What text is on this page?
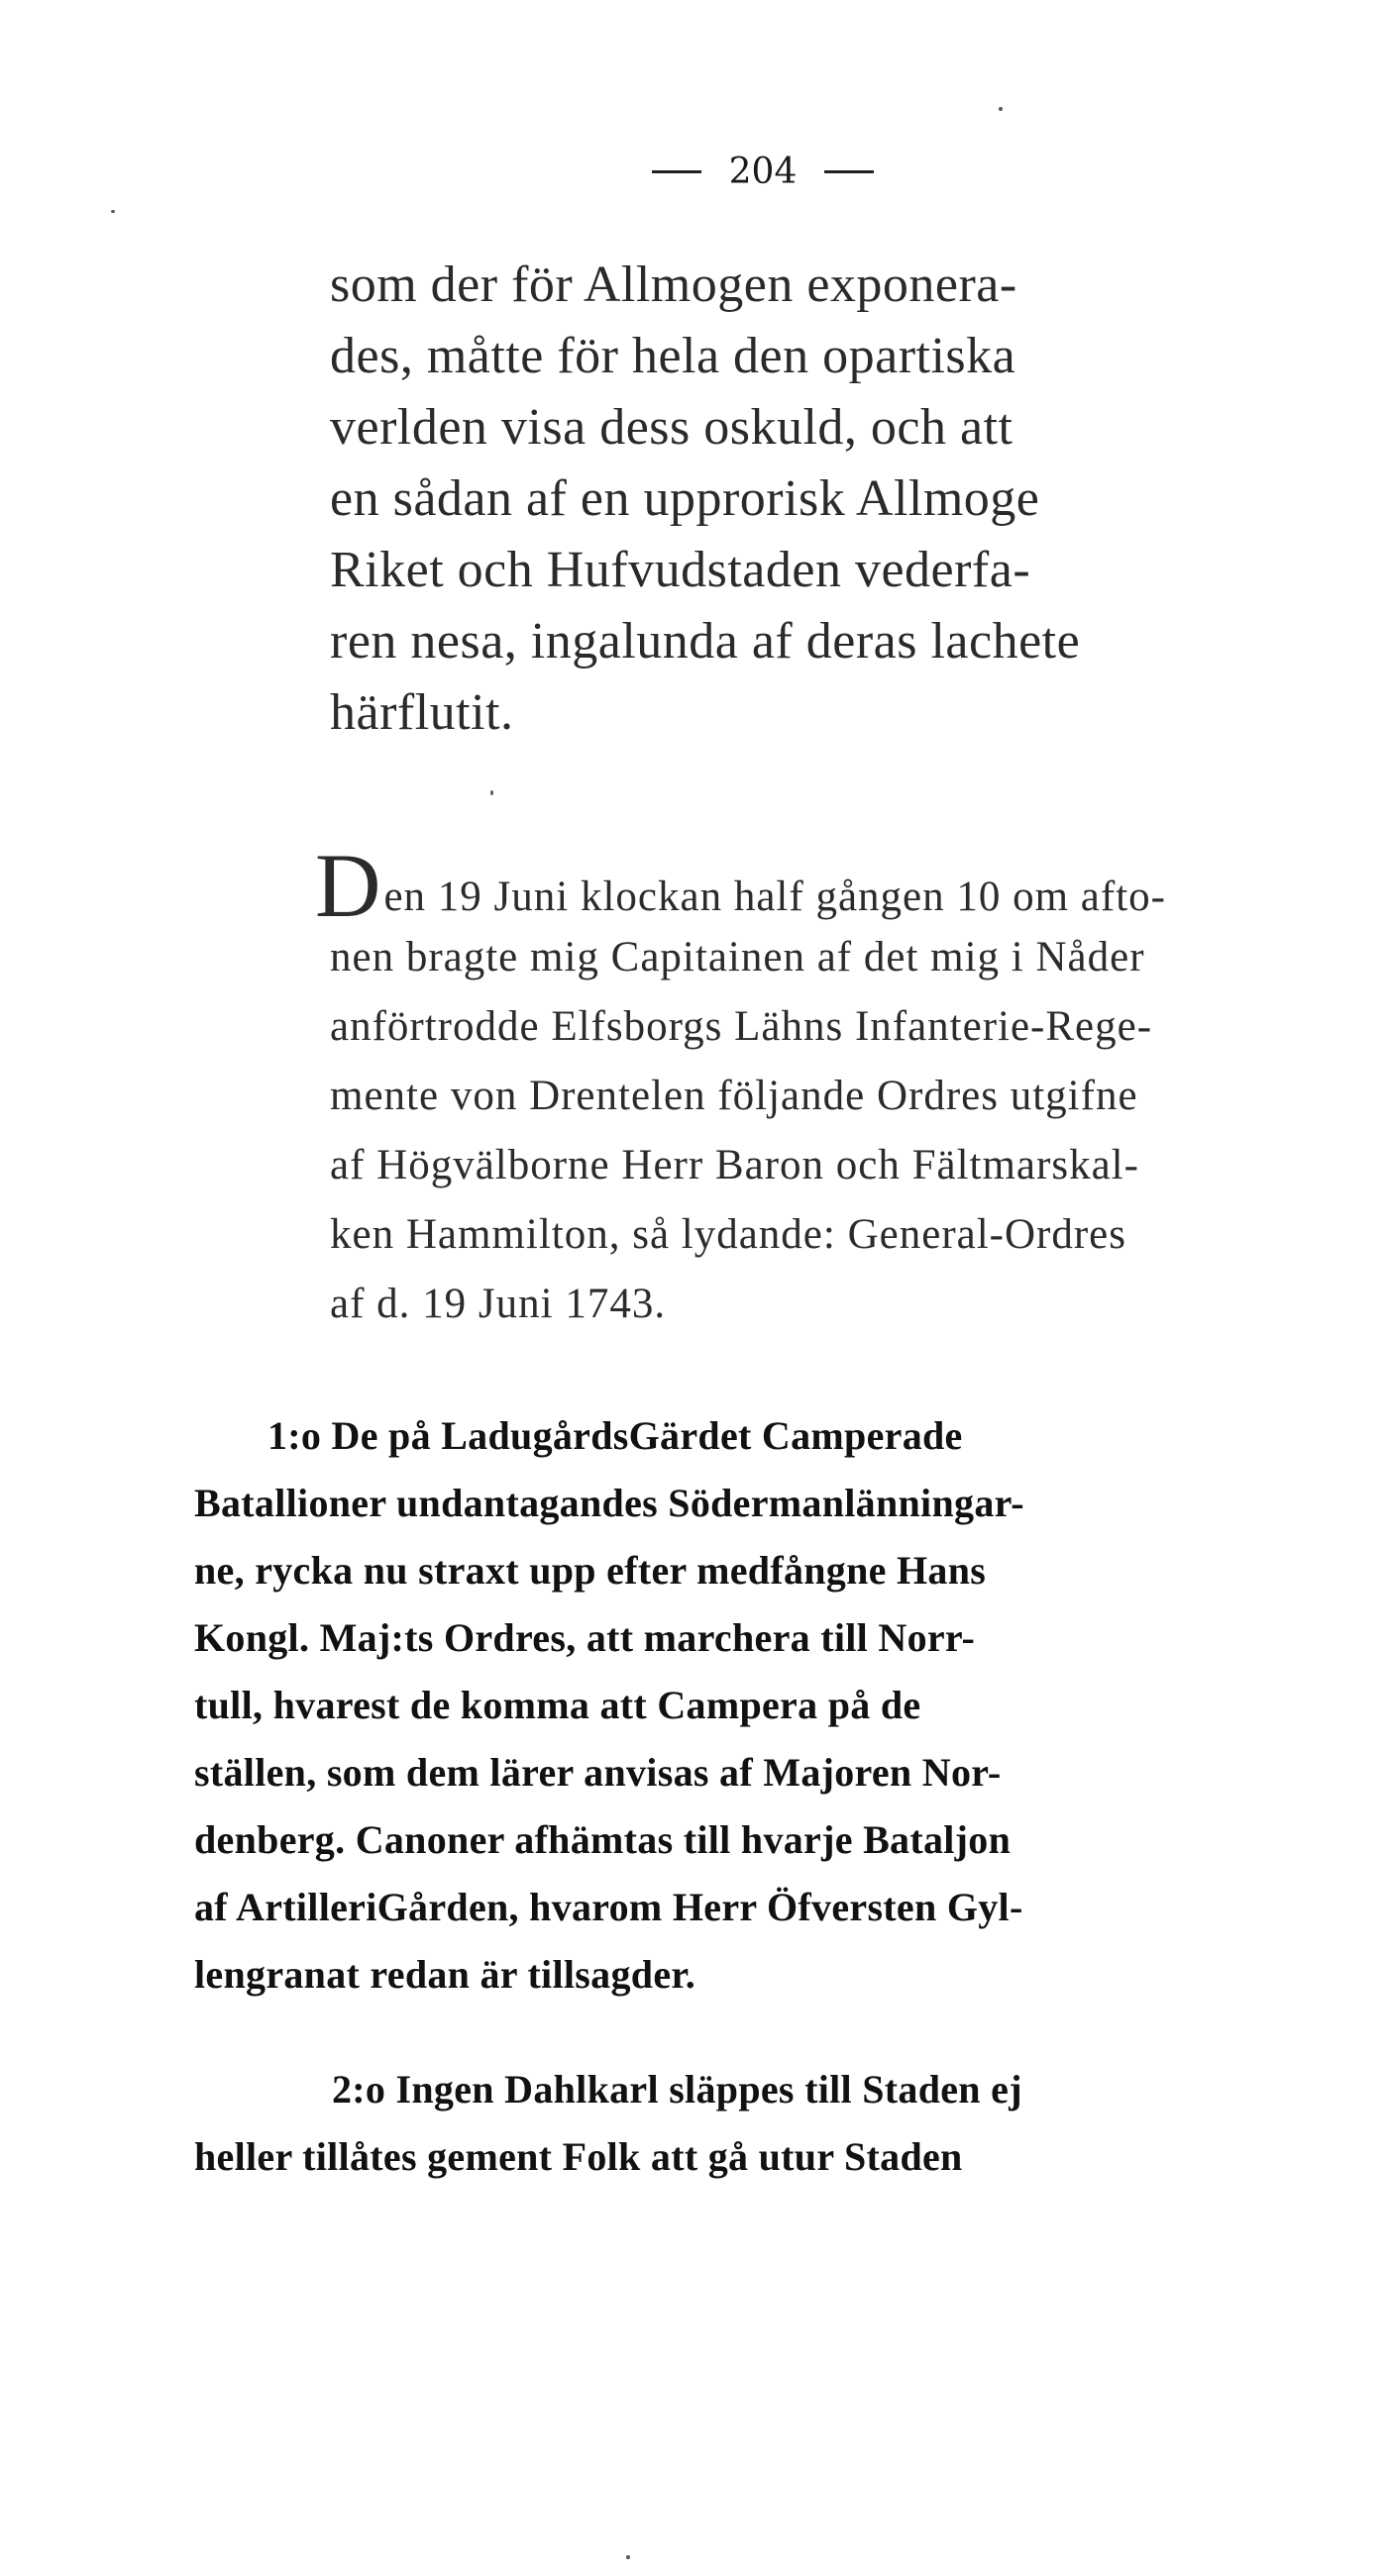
204
som der för Allmogen exponera-
des, måtte för hela den opartiska
verlden visa dess oskuld, och att
en sådan af en upprorisk Allmoge
Riket och Hufvudstaden vederfa-
ren nesa, ingalunda af deras lachete
härflutit.
Den 19 Juni klockan half gången 10 om afto-
nen bragte mig Capitainen af det mig i Nåder
anförtrodde Elfsborgs Lähns Infanterie-Rege-
mente von Drentelen följande Ordres utgifne
af Högvälborne Herr Baron och Fältmarskal-
ken Hammilton, så lydande: General-Ordres
af d. 19 Juni 1743.
1:o De på LadugårdsGärdet Camperade
Batallioner undantagandes Södermanlänningar-
ne, rycka nu straxt upp efter medfångne Hans
Kongl. Maj:ts Ordres, att marchera till Norr-
tull, hvarest de komma att Campera på de
ställen, som dem lärer anvisas af Majoren Nor-
denberg. Canoner afhämtas till hvarje Bataljon
af ArtilleriGården, hvarom Herr Öfversten Gyl-
lengranat redan är tillsagder.
2:o Ingen Dahlkarl släppes till Staden ej
heller tillåtes gement Folk att gå utur Staden
